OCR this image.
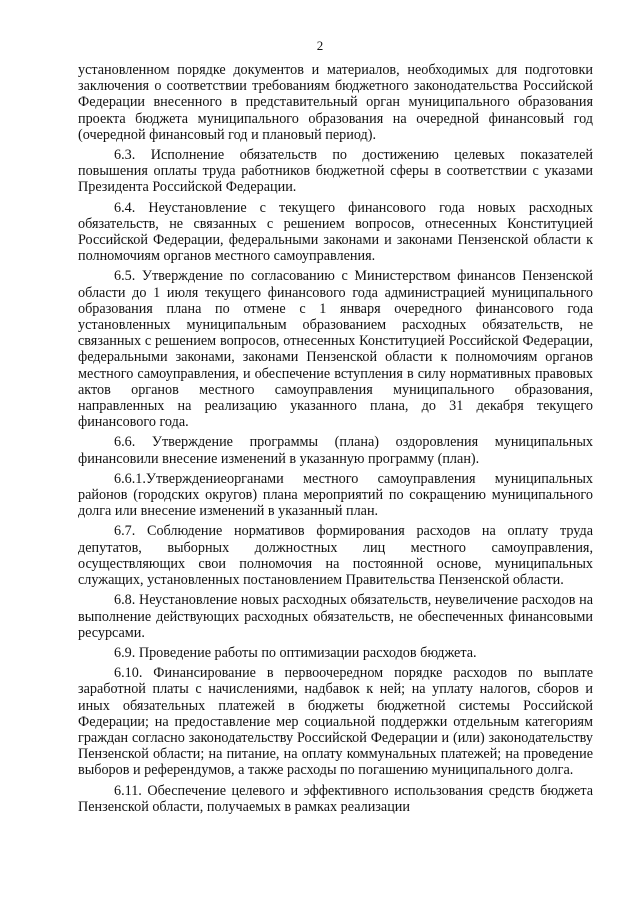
2

установленном порядке документов и материалов, необходимых для подготовки заключения о соответствии требованиям бюджетного законодательства Российской Федерации внесенного в представительный орган муниципального образования проекта бюджета муниципального образования на очередной финансовый год (очередной финансовый год и плановый период).

6.3. Исполнение обязательств по достижению целевых показателей повышения оплаты труда работников бюджетной сферы в соответствии с указами Президента Российской Федерации.

6.4. Неустановление с текущего финансового года новых расходных обязательств, не связанных с решением вопросов, отнесенных Конституцией Российской Федерации, федеральными законами и законами Пензенской области к полномочиям органов местного самоуправления.

6.5. Утверждение по согласованию с Министерством финансов Пензенской области до 1 июля текущего финансового года администрацией муниципального образования плана по отмене с 1 января очередного финансового года установленных муниципальным образованием расходных обязательств, не связанных с решением вопросов, отнесенных Конституцией Российской Федерации, федеральными законами, законами Пензенской области к полномочиям органов местного самоуправления, и обеспечение вступления в силу нормативных правовых актов органов местного самоуправления муниципального образования, направленных на реализацию указанного плана, до 31 декабря текущего финансового года.

6.6. Утверждение программы (плана) оздоровления муниципальных финансовили внесение изменений в указанную программу (план).

6.6.1.Утверждениеорганами местного самоуправления муниципальных районов (городских округов) плана мероприятий по сокращению муниципального долга или внесение изменений в указанный план.

6.7. Соблюдение нормативов формирования расходов на оплату труда депутатов, выборных должностных лиц местного самоуправления, осуществляющих свои полномочия на постоянной основе, муниципальных служащих, установленных постановлением Правительства Пензенской области.

6.8. Неустановление новых расходных обязательств, неувеличение расходов на выполнение действующих расходных обязательств, не обеспеченных финансовыми ресурсами.

6.9. Проведение работы по оптимизации расходов бюджета.

6.10. Финансирование в первоочередном порядке расходов по выплате заработной платы с начислениями, надбавок к ней; на уплату налогов, сборов и иных обязательных платежей в бюджеты бюджетной системы Российской Федерации; на предоставление мер социальной поддержки отдельным категориям граждан согласно законодательству Российской Федерации и (или) законодательству Пензенской области; на питание, на оплату коммунальных платежей; на проведение выборов и референдумов, а также расходы по погашению муниципального долга.

6.11. Обеспечение целевого и эффективного использования средств бюджета Пензенской области, получаемых в рамках реализации
